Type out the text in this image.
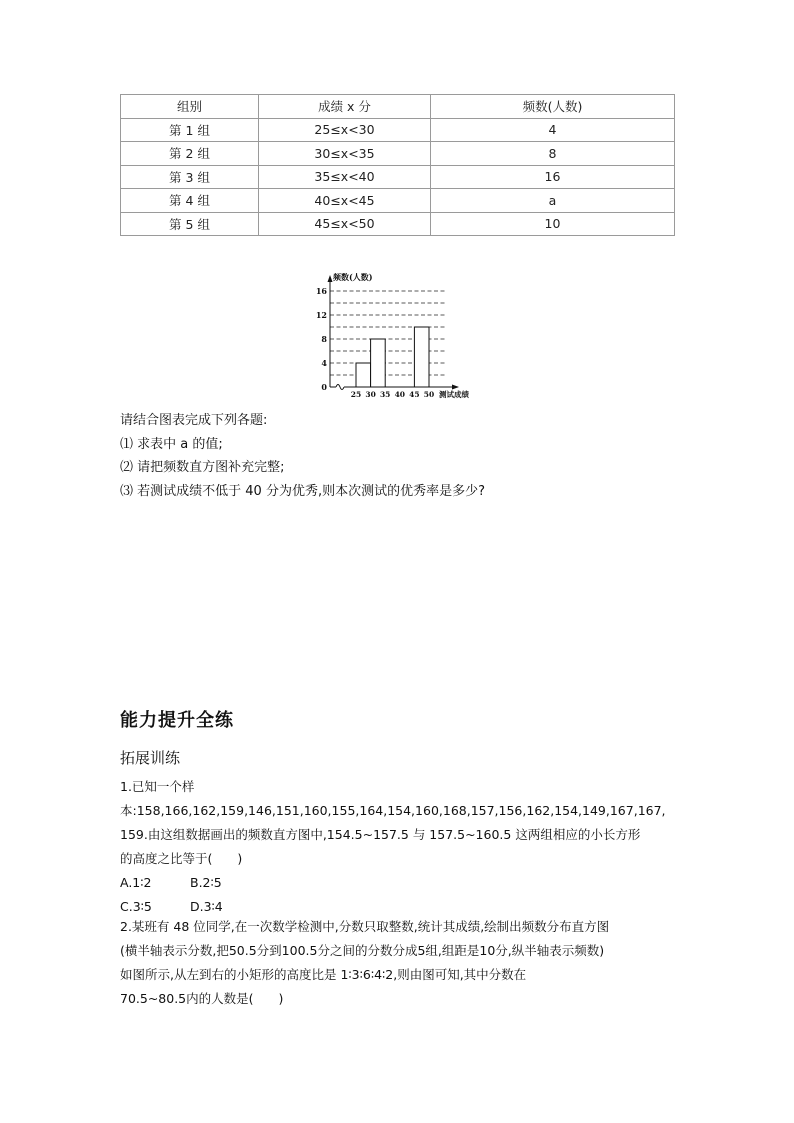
组别	成绩 x 分	频数(人数)
第 1 组	25≤x<30	4
第 2 组	30≤x<35	8
第 3 组	35≤x<40	16
第 4 组	40≤x<45	a
第 5 组	45≤x<50	10
0
4
8
12
16
25 30 35 40 45 50
频数(人数)
测试成绩
请结合图表完成下列各题:
⑴ 求表中 a 的值;
⑵ 请把频数直方图补充完整;
⑶ 若测试成绩不低于 40 分为优秀,则本次测试的优秀率是多少?
能力提升全练
拓展训练
1.已知一个样
本:158,166,162,159,146,151,160,155,164,154,160,168,157,156,162,154,149,167,167,
159.由这组数据画出的频数直方图中,154.5~157.5 与 157.5~160.5 这两组相应的小长方形
的高度之比等于(　　)
A.1∶2	B.2∶5
C.3∶5	D.3∶4
2.某班有 48 位同学,在一次数学检测中,分数只取整数,统计其成绩,绘制出频数分布直方图
(横半轴表示分数,把50.5分到100.5分之间的分数分成5组,组距是10分,纵半轴表示频数)
如图所示,从左到右的小矩形的高度比是 1∶3∶6∶4∶2,则由图可知,其中分数在
70.5~80.5内的人数是(　　)
